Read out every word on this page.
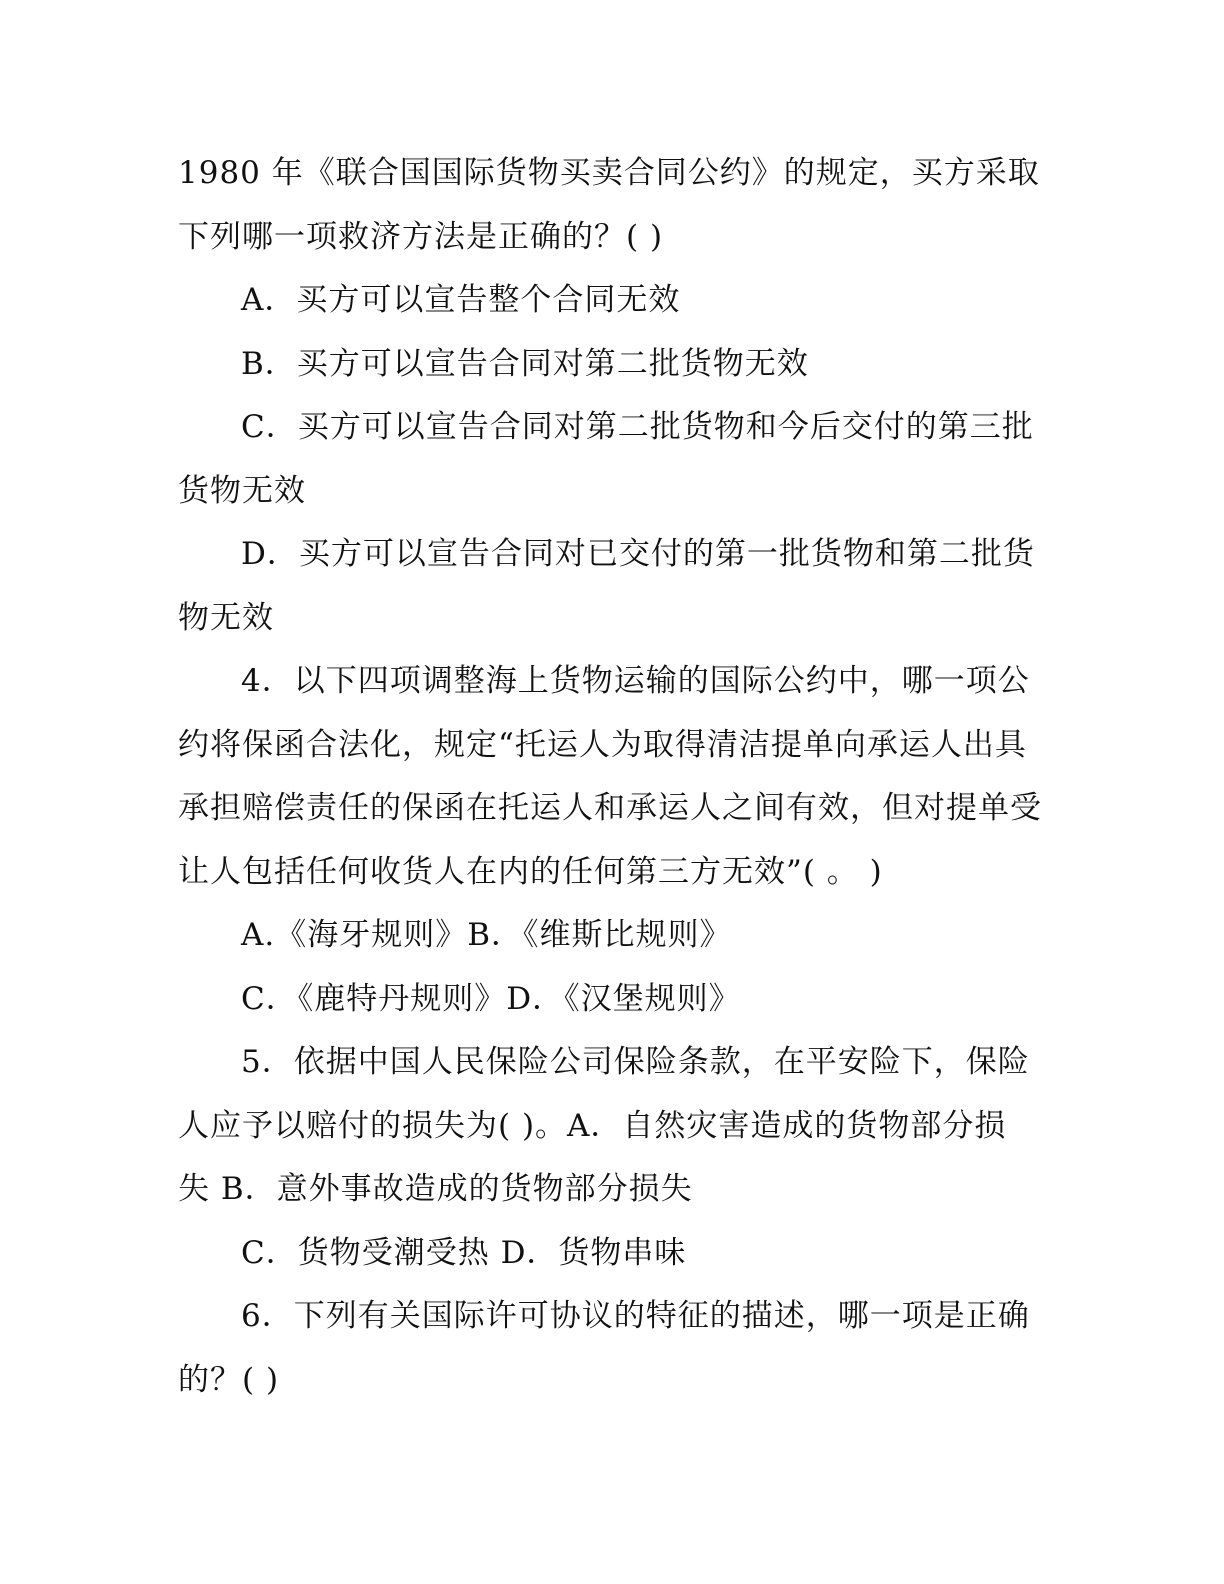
1980 年《联合国国际货物买卖合同公约》的规定，买方采取
下列哪一项救济方法是正确的？( )
A．买方可以宣告整个合同无效
B．买方可以宣告合同对第二批货物无效
C．买方可以宣告合同对第二批货物和今后交付的第三批
货物无效
D．买方可以宣告合同对已交付的第一批货物和第二批货
物无效
4．以下四项调整海上货物运输的国际公约中，哪一项公
约将保函合法化，规定“托运人为取得清洁提单向承运人出具
承担赔偿责任的保函在托运人和承运人之间有效，但对提单受
让人包括任何收货人在内的任何第三方无效”( 。 )
A.《海牙规则》B．《维斯比规则》
C．《鹿特丹规则》D．《汉堡规则》
5．依据中国人民保险公司保险条款，在平安险下，保险
人应予以赔付的损失为( )。A．自然灾害造成的货物部分损
失 B．意外事故造成的货物部分损失
C．货物受潮受热 D．货物串味
6．下列有关国际许可协议的特征的描述，哪一项是正确
的？( )
